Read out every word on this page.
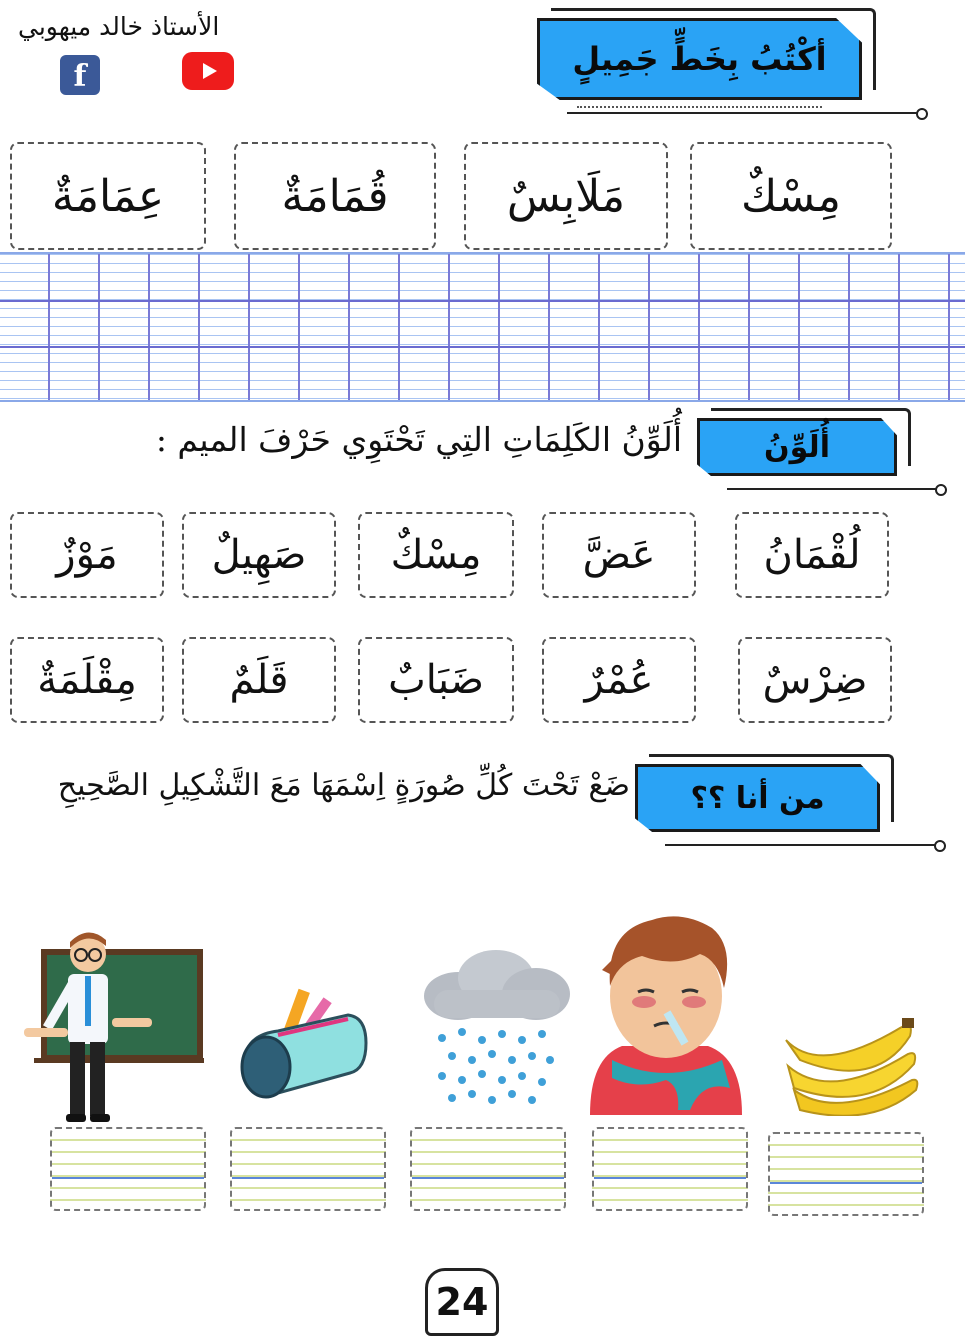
الأستاذ خالد ميهوبي
f	أكْتُبُ بِخَطٍّ جَمِيلٍ
مِسْكٌ
مَلَابِسٌ
قُمَامَةٌ
عِمَامَةٌ
أُلَوِّنُ
أُلَوِّنُ الكَلِمَاتِ التِي تَحْتَوِي حَرْفَ الميم :
لُقْمَانُ
عَضَّ
مِسْكٌ
صَهِيلٌ
مَوْزٌ
ضِرْسٌ
عُمْرٌ
ضَبَابٌ
قَلَمٌ
مِقْلَمَةٌ
من أنا ؟؟
ضَعْ تَحْتَ كُلِّ صُورَةٍ اِسْمَهَا مَعَ التَّشْكِيلِ الصَّحِيحِ
24
